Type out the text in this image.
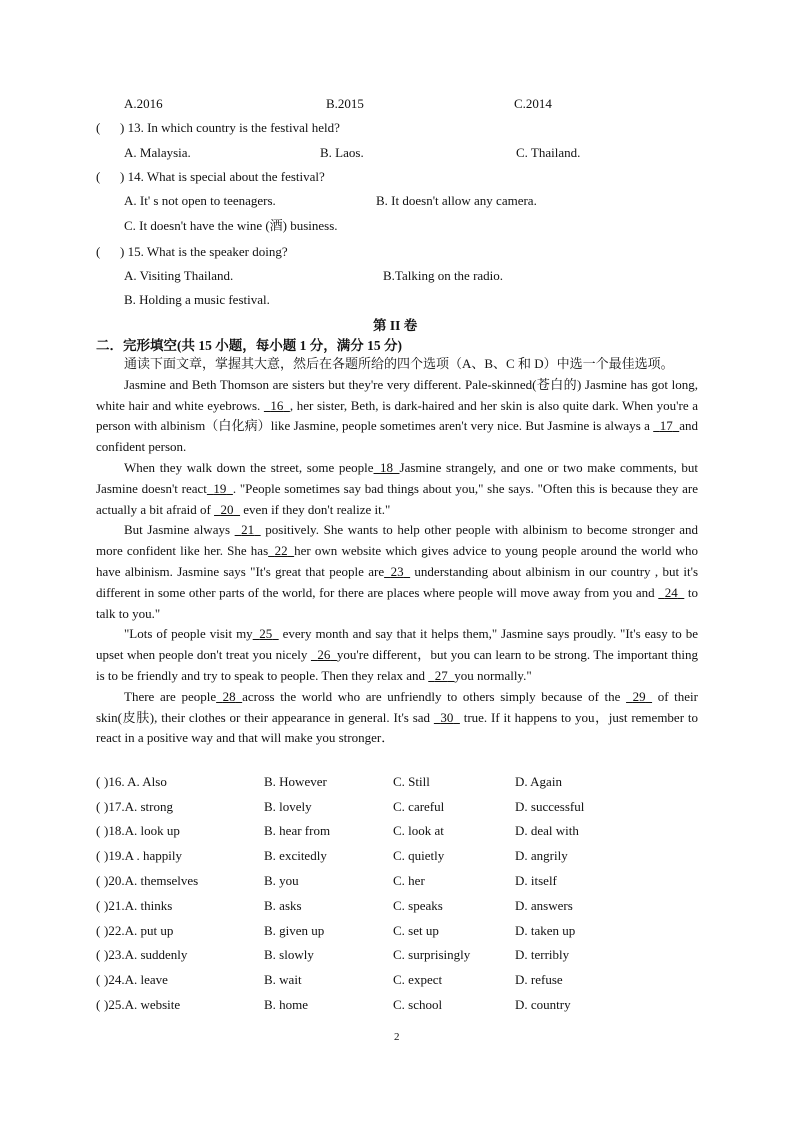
A.2016	B.2015	C.2014
( ) 13. In which country is the festival held?
A. Malaysia.	B. Laos.	C. Thailand.
( ) 14. What is special about the festival?
A. It' s not open to teenagers.	B. It doesn't allow any camera.
C. It doesn't have the wine (酒) business.
( ) 15. What is the speaker doing?
A. Visiting Thailand.	B.Talking on the radio.
B. Holding a music festival.
第 II 卷
二．完形填空(共 15 小题，每小题 1 分，满分 15 分)

通读下面文章，掌握其大意，然后在各题所给的四个选项（A、B、C 和 D）中选一个最佳选项。

Jasmine and Beth Thomson are sisters but they're very different. Pale-skinned(苍白的) Jasmine has got long, white hair and white eyebrows.   16 , her sister, Beth, is dark-haired and her skin is also quite dark. When you're a person with albinism（白化病）like Jasmine, people sometimes aren't very nice. But Jasmine is always a   17 and confident person.

When they walk down the street, some people 18 Jasmine strangely, and one or two make comments, but Jasmine doesn't react 19 . "People sometimes say bad things about you," she says. "Often this is because they are actually a bit afraid of   20   even if they don't realize it."

But Jasmine always   21   positively. She wants to help other people with albinism to become stronger and more confident like her. She has 22 her own website which gives advice to young people around the world who have albinism. Jasmine says "It's great that people are 23   understanding about albinism in our country , but it's different in some other parts of the world, for there are places where people will move away from you and   24   to talk to you."

"Lots of people visit my 25   every month and say that it helps them," Jasmine says proudly. "It's easy to be upset when people don't treat you nicely   26 you're different，but you can learn to be strong. The important thing is to be friendly and try to speak to people. Then they relax and   27 you normally."

There are people 28 across the world who are unfriendly to others simply because of the   29   of their skin(皮肤), their clothes or their appearance in general. It's sad   30   true. If it happens to you，just remember to react in a positive way and that will make you stronger．

( )16. A. Also	B. However	C. Still	D. Again
( )17.A. strong	B. lovely	C. careful	D. successful
( )18.A. look up	B. hear from	C. look at	D. deal with
( )19.A . happily	B. excitedly	C. quietly	D. angrily
( )20.A. themselves	B. you	C. her	D. itself
( )21.A. thinks	B. asks	C. speaks	D. answers
( )22.A. put up	B. given up	C. set up	D. taken up
( )23.A. suddenly	B. slowly	C. surprisingly	D. terribly
( )24.A. leave	B. wait	C. expect	D. refuse
( )25.A. website	B. home	C. school	D. country
2
